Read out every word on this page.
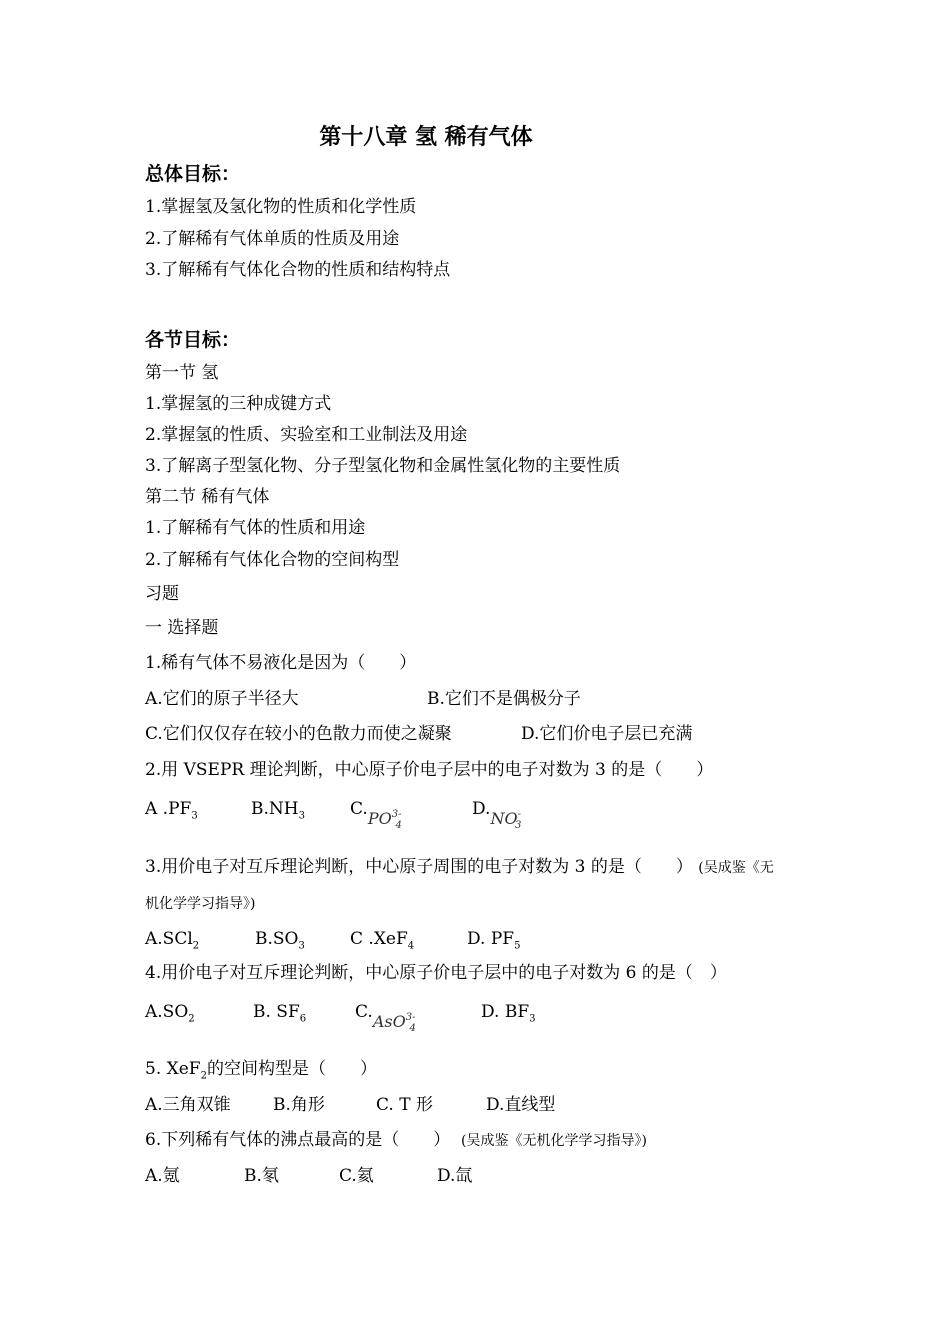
第十八章 氢 稀有气体
总体目标：
1.掌握氢及氢化物的性质和化学性质
2.了解稀有气体单质的性质及用途
3.了解稀有气体化合物的性质和结构特点
各节目标：
第一节 氢
1.掌握氢的三种成键方式
2.掌握氢的性质、实验室和工业制法及用途
3.了解离子型氢化物、分子型氢化物和金属性氢化物的主要性质
第二节 稀有气体
1.了解稀有气体的性质和用途
2.了解稀有气体化合物的空间构型
习题
一 选择题
1.稀有气体不易液化是因为（　　）
A.它们的原子半径大	B.它们不是偶极分子
C.它们仅仅存在较小的色散力而使之凝聚	D.它们价电子层已充满
2.用 VSEPR 理论判断，中心原子价电子层中的电子对数为 3 的是（　　）
A $.PF_3$	$B.NH_3$	$C.PO^{3-}_4$
$D.NO^-_3$
3.用价电子对互斥理论判断，中心原子周围的电子对数为 3 的是（　　） (吴成鉴《无
机化学学习指导》)
A.SCl$_2$	$B.SO_3$	C .XeF$_4$	D. $PF_5$
4.用价电子对互斥理论判断，中心原子价电子层中的电子对数为 6 的是（　）
$A.SO_2$	B. $SF_6$	C.AsO$^{3-}_4$
D. $BF_3$
5. XeF$_2$的空间构型是（　　）
A.三角双锥 B.角形	C. T 形	D.直线型
6.下列稀有气体的沸点最高的是（　　） (吴成鉴《无机化学学习指导》)
A.氪	B.氡	C.氦	D.氙
